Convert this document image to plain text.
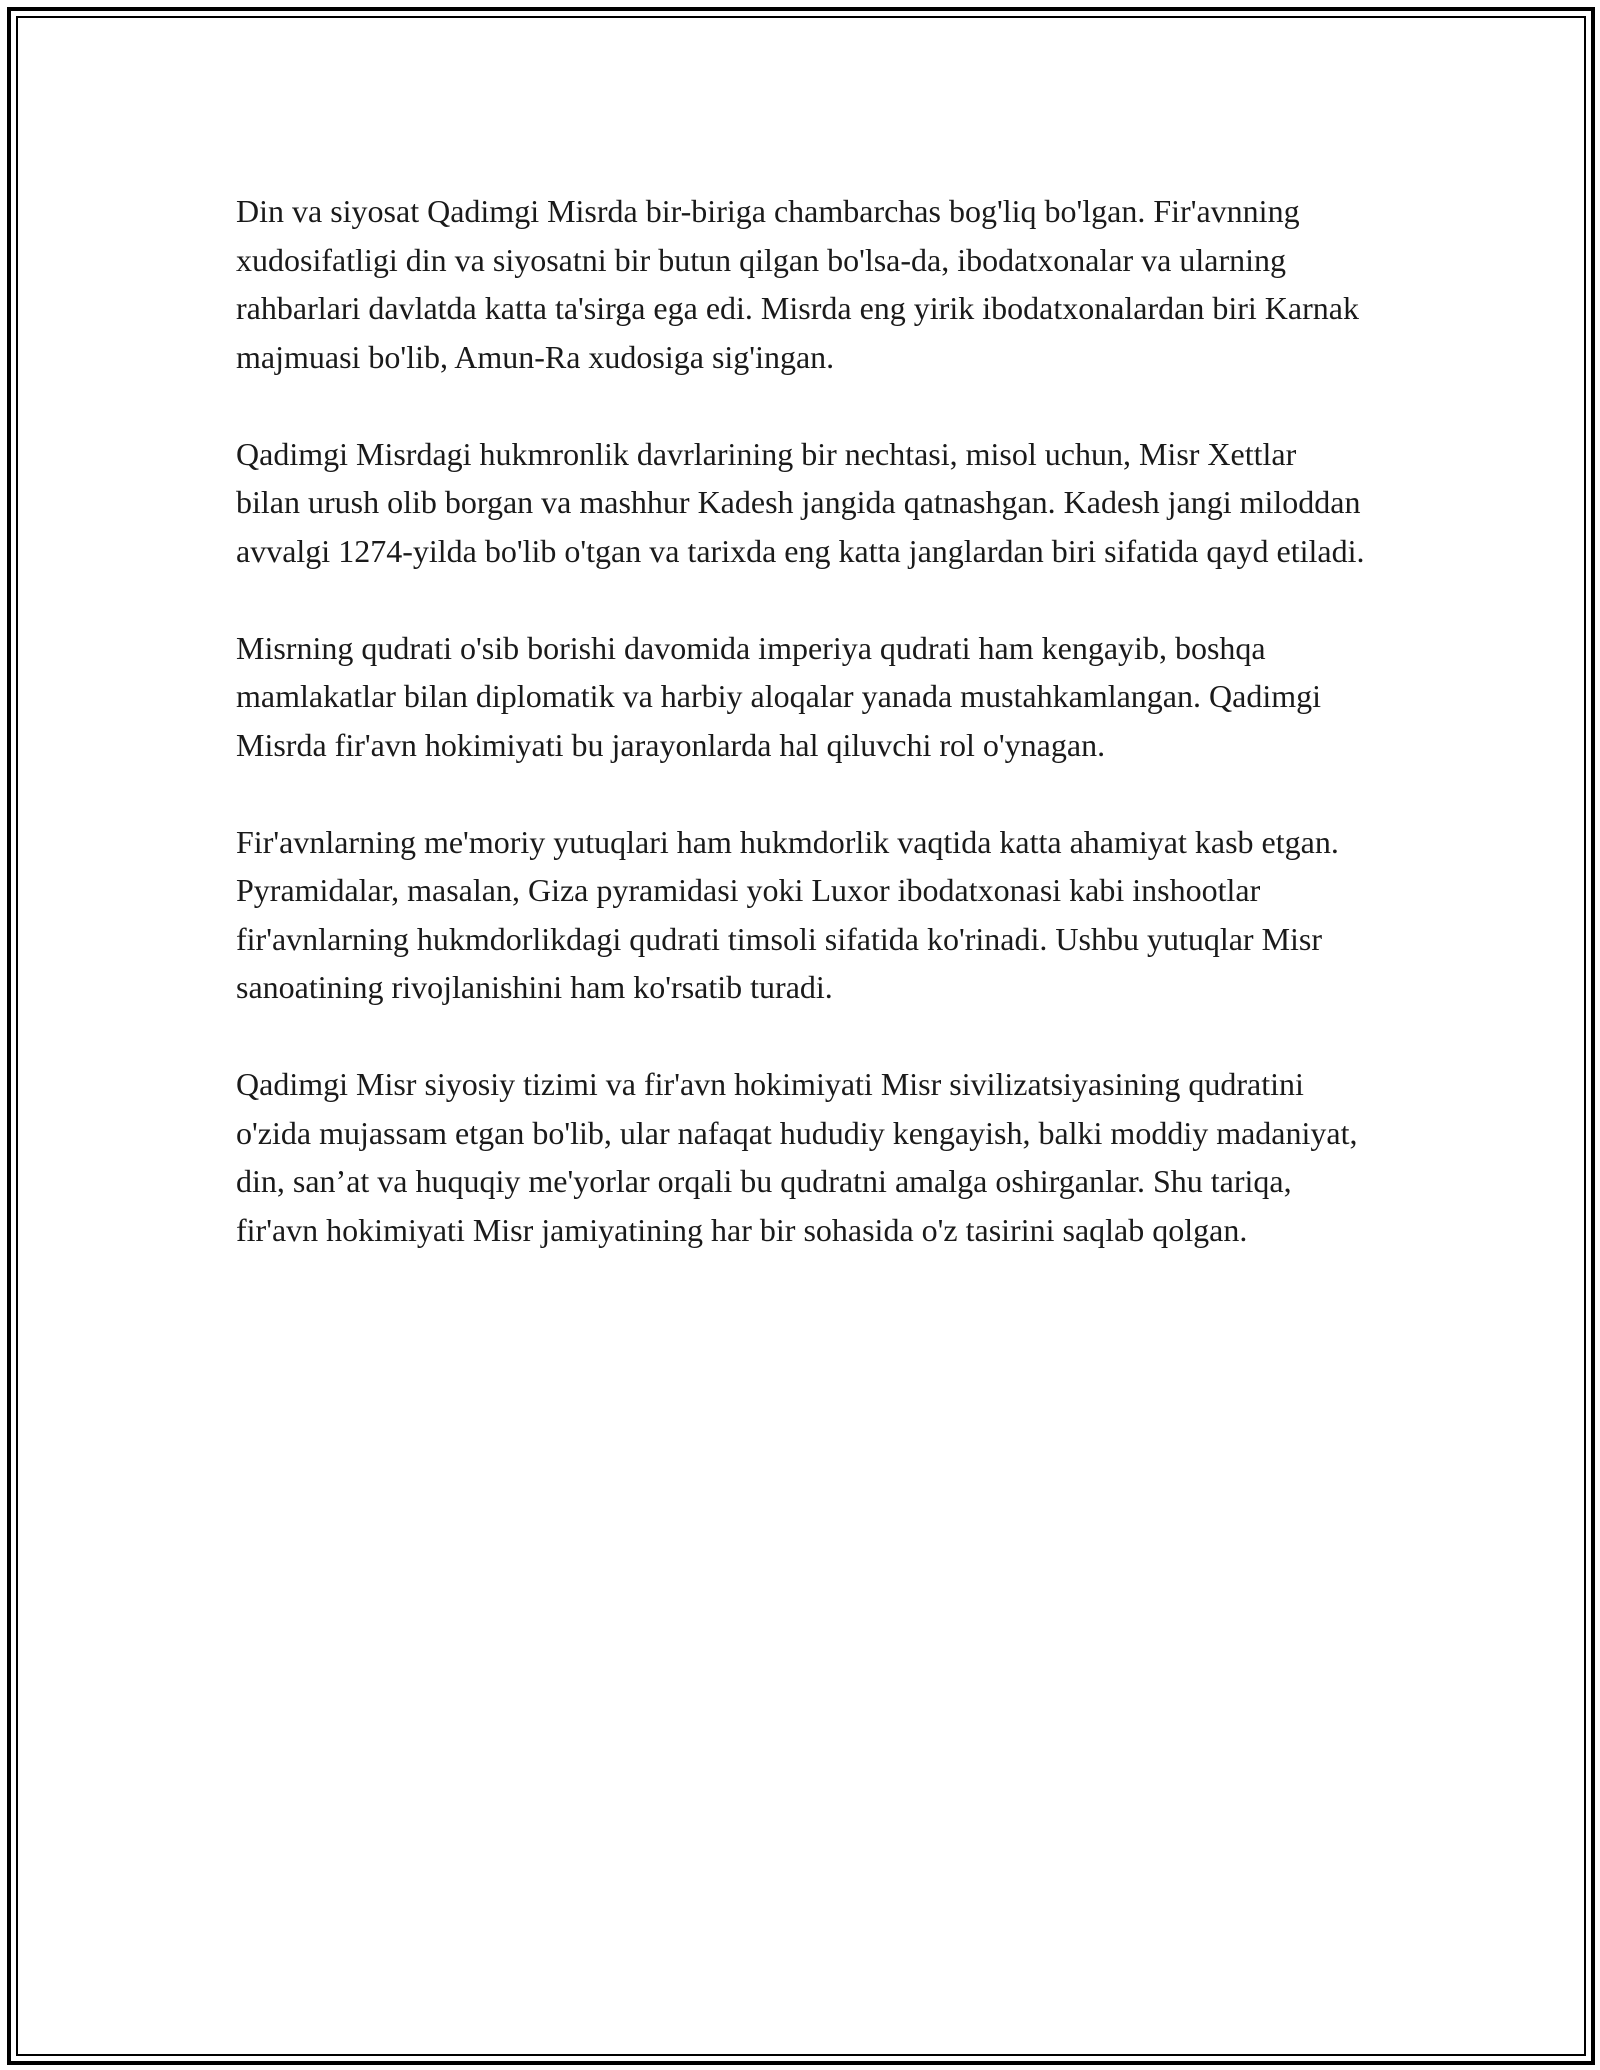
Din va siyosat Qadimgi Misrda bir-biriga chambarchas bog'liq bo'lgan. Fir'avnning xudosifatligi din va siyosatni bir butun qilgan bo'lsa-da, ibodatxonalar va ularning rahbarlari davlatda katta ta'sirga ega edi. Misrda eng yirik ibodatxonalardan biri Karnak majmuasi bo'lib, Amun-Ra xudosiga sig'ingan.

Qadimgi Misrdagi hukmronlik davrlarining bir nechtasi, misol uchun, Misr Xettlar bilan urush olib borgan va mashhur Kadesh jangida qatnashgan. Kadesh jangi miloddan avvalgi 1274-yilda bo'lib o'tgan va tarixda eng katta janglardan biri sifatida qayd etiladi.

Misrning qudrati o'sib borishi davomida imperiya qudrati ham kengayib, boshqa mamlakatlar bilan diplomatik va harbiy aloqalar yanada mustahkamlangan. Qadimgi Misrda fir'avn hokimiyati bu jarayonlarda hal qiluvchi rol o'ynagan.

Fir'avnlarning me'moriy yutuqlari ham hukmdorlik vaqtida katta ahamiyat kasb etgan. Pyramidalar, masalan, Giza pyramidasi yoki Luxor ibodatxonasi kabi inshootlar fir'avnlarning hukmdorlikdagi qudrati timsoli sifatida ko'rinadi. Ushbu yutuqlar Misr sanoatining rivojlanishini ham ko'rsatib turadi.

Qadimgi Misr siyosiy tizimi va fir'avn hokimiyati Misr sivilizatsiyasining qudratini o'zida mujassam etgan bo'lib, ular nafaqat hududiy kengayish, balki moddiy madaniyat, din, san’at va huquqiy me'yorlar orqali bu qudratni amalga oshirganlar. Shu tariqa, fir'avn hokimiyati Misr jamiyatining har bir sohasida o'z tasirini saqlab qolgan.
